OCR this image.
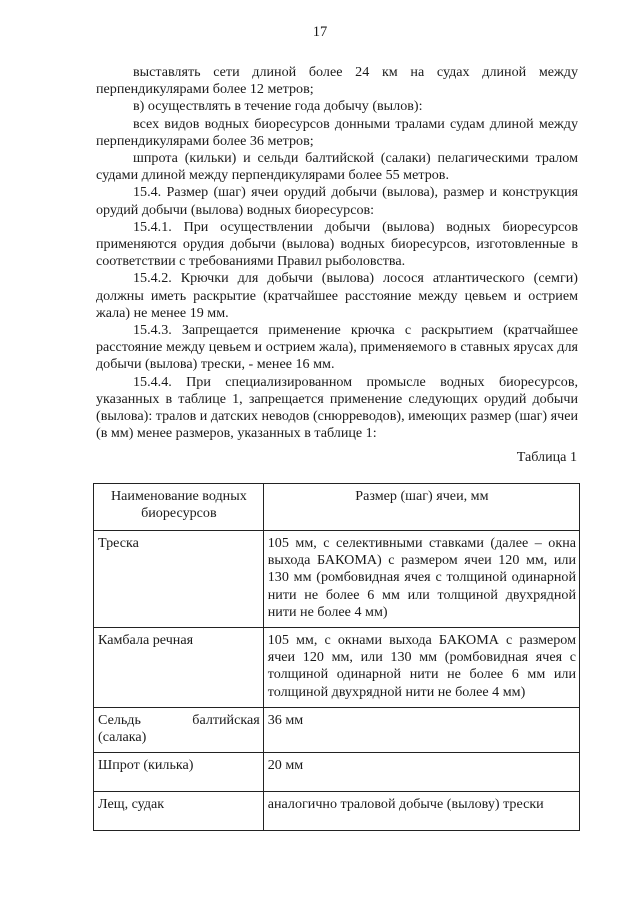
17

выставлять сети длиной более 24 км на судах длиной между перпендикулярами более 12 метров;

в) осуществлять в течение года добычу (вылов):

всех видов водных биоресурсов донными тралами судам длиной между перпендикулярами более 36 метров;

шпрота (кильки) и сельди балтийской (салаки) пелагическими тралом судами длиной между перпендикулярами более 55 метров.

15.4. Размер (шаг) ячеи орудий добычи (вылова), размер и конструкция орудий добычи (вылова) водных биоресурсов:

15.4.1. При осуществлении добычи (вылова) водных биоресурсов применяются орудия добычи (вылова) водных биоресурсов, изготовленные в соответствии с требованиями Правил рыболовства.

15.4.2. Крючки для добычи (вылова) лосося атлантического (семги) должны иметь раскрытие (кратчайшее расстояние между цевьем и острием жала) не менее 19 мм.

15.4.3. Запрещается применение крючка с раскрытием (кратчайшее расстояние между цевьем и острием жала), применяемого в ставных ярусах для добычи (вылова) трески, - менее 16 мм.

15.4.4. При специализированном промысле водных биоресурсов, указанных в таблице 1, запрещается применение следующих орудий добычи (вылова): тралов и датских неводов (снюрреводов), имеющих размер (шаг) ячеи (в мм) менее размеров, указанных в таблице 1:

Таблица 1
Наименование водных биоресурсов	Размер (шаг) ячеи, мм
Треска	105 мм, с селективными ставками (далее – окна выхода БАКОМА) с размером ячеи 120 мм, или 130 мм (ромбовидная ячея с толщиной одинарной нити не более 6 мм или толщиной двухрядной нити не более 4 мм)
Камбала речная	105 мм, с окнами выхода БАКОМА с размером ячеи 120 мм, или 130 мм (ромбовидная ячея с толщиной одинарной нити не более 6 мм или толщиной двухрядной нити не более 4 мм)
Сельдь балтийская (салака)	36 мм
Шпрот (килька)	20 мм
Лещ, судак	аналогично траловой добыче (вылову) трески
